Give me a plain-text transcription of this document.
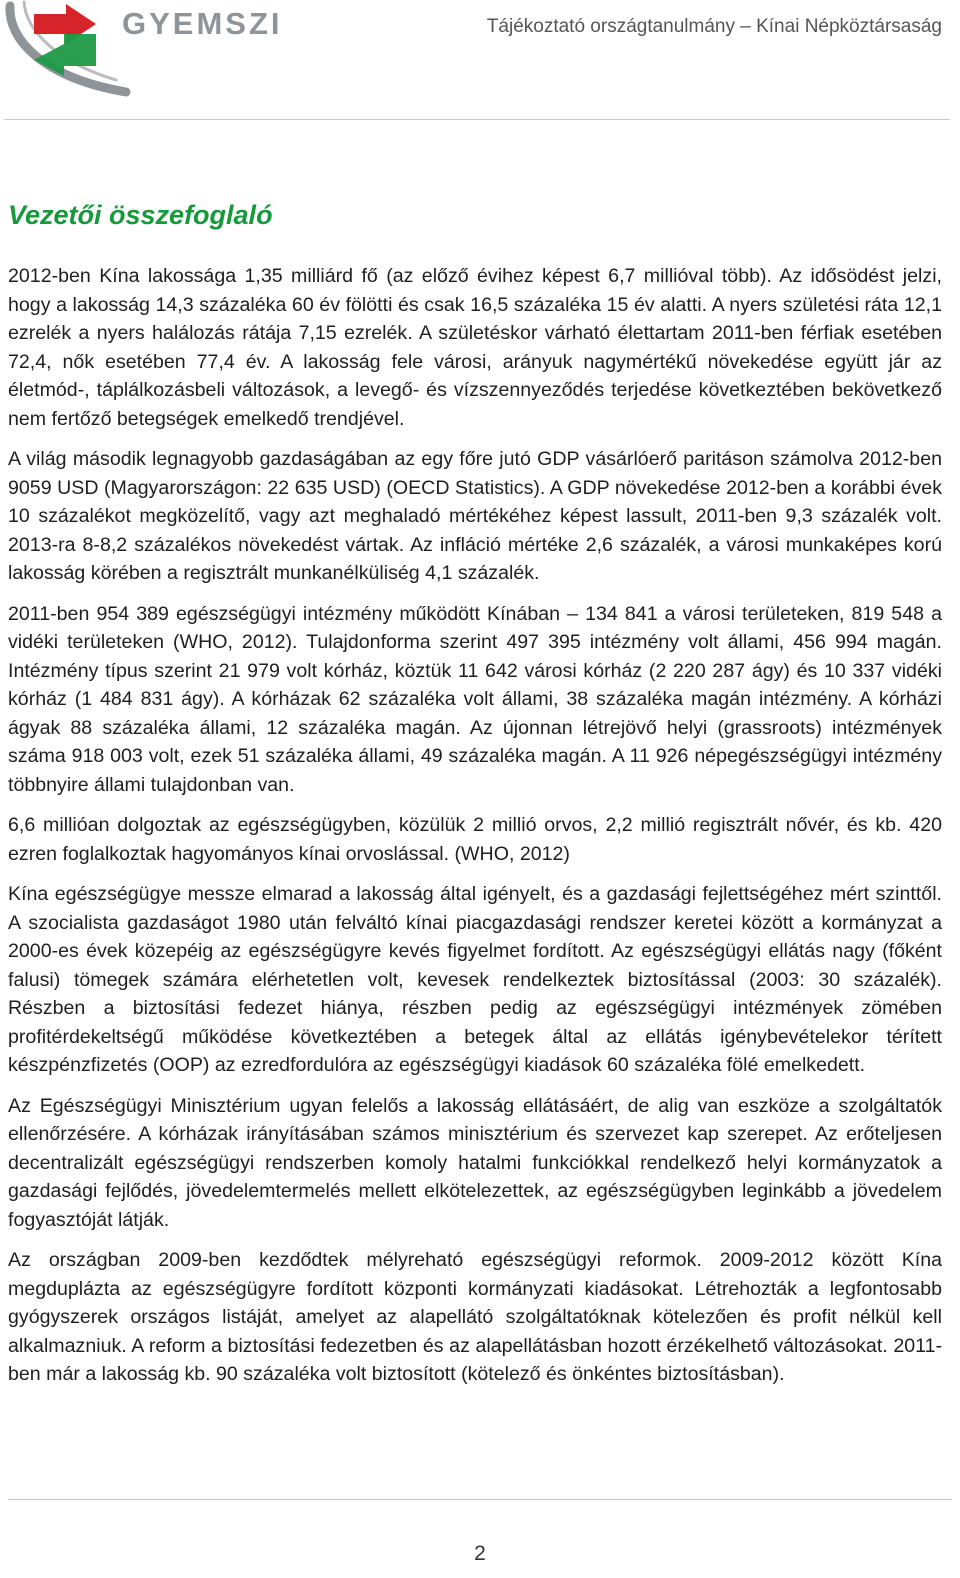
GYEMSZI	Tájékoztató országtanulmány – Kínai Népköztársaság
Vezetői összefoglaló

2012-ben Kína lakossága 1,35 milliárd fő (az előző évihez képest 6,7 millióval több). Az idősödést jelzi, hogy a lakosság 14,3 százaléka 60 év fölötti és csak 16,5 százaléka 15 év alatti. A nyers születési ráta 12,1 ezrelék a nyers halálozás rátája 7,15 ezrelék. A születéskor várható élettartam 2011-ben férfiak esetében 72,4, nők esetében 77,4 év. A lakosság fele városi, arányuk nagymértékű növekedése együtt jár az életmód-, táplálkozásbeli változások, a levegő- és vízszennyeződés terjedése következtében bekövetkező nem fertőző betegségek emelkedő trendjével.

A világ második legnagyobb gazdaságában az egy főre jutó GDP vásárlóerő paritáson számolva 2012-ben 9059 USD (Magyarországon: 22 635 USD) (OECD Statistics). A GDP növekedése 2012-ben a korábbi évek 10 százalékot megközelítő, vagy azt meghaladó mértékéhez képest lassult, 2011-ben 9,3 százalék volt. 2013-ra 8-8,2 százalékos növekedést vártak. Az infláció mértéke 2,6 százalék, a városi munkaképes korú lakosság körében a regisztrált munkanélküliség 4,1 százalék.

2011-ben 954 389 egészségügyi intézmény működött Kínában – 134 841 a városi területeken, 819 548 a vidéki területeken (WHO, 2012). Tulajdonforma szerint 497 395 intézmény volt állami, 456 994 magán. Intézmény típus szerint 21 979 volt kórház, köztük 11 642 városi kórház (2 220 287 ágy) és 10 337 vidéki kórház (1 484 831 ágy). A kórházak 62 százaléka volt állami, 38 százaléka magán intézmény. A kórházi ágyak 88 százaléka állami, 12 százaléka magán. Az újonnan létrejövő helyi (grassroots) intézmények száma 918 003 volt, ezek 51 százaléka állami, 49 százaléka magán. A 11 926 népegészségügyi intézmény többnyire állami tulajdonban van.

6,6 millióan dolgoztak az egészségügyben, közülük 2 millió orvos, 2,2 millió regisztrált nővér, és kb. 420 ezren foglalkoztak hagyományos kínai orvoslással. (WHO, 2012)

Kína egészségügye messze elmarad a lakosság által igényelt, és a gazdasági fejlettségéhez mért szinttől. A szocialista gazdaságot 1980 után felváltó kínai piacgazdasági rendszer keretei között a kormányzat a 2000-es évek közepéig az egészségügyre kevés figyelmet fordított. Az egészségügyi ellátás nagy (főként falusi) tömegek számára elérhetetlen volt, kevesek rendelkeztek biztosítással (2003: 30 százalék). Részben a biztosítási fedezet hiánya, részben pedig az egészségügyi intézmények zömében profitérdekeltségű működése következtében a betegek által az ellátás igénybevételekor térített készpénzfizetés (OOP) az ezredfordulóra az egészségügyi kiadások 60 százaléka fölé emelkedett.

Az Egészségügyi Minisztérium ugyan felelős a lakosság ellátásáért, de alig van eszköze a szolgáltatók ellenőrzésére. A kórházak irányításában számos minisztérium és szervezet kap szerepet. Az erőteljesen decentralizált egészségügyi rendszerben komoly hatalmi funkciókkal rendelkező helyi kormányzatok a gazdasági fejlődés, jövedelemtermelés mellett elkötelezettek, az egészségügyben leginkább a jövedelem fogyasztóját látják.

Az országban 2009-ben kezdődtek mélyreható egészségügyi reformok. 2009-2012 között Kína megduplázta az egészségügyre fordított központi kormányzati kiadásokat. Létrehozták a legfontosabb gyógyszerek országos listáját, amelyet az alapellátó szolgáltatóknak kötelezően és profit nélkül kell alkalmazniuk. A reform a biztosítási fedezetben és az alapellátásban hozott érzékelhető változásokat. 2011-ben már a lakosság kb. 90 százaléka volt biztosított (kötelező és önkéntes biztosításban).

2
